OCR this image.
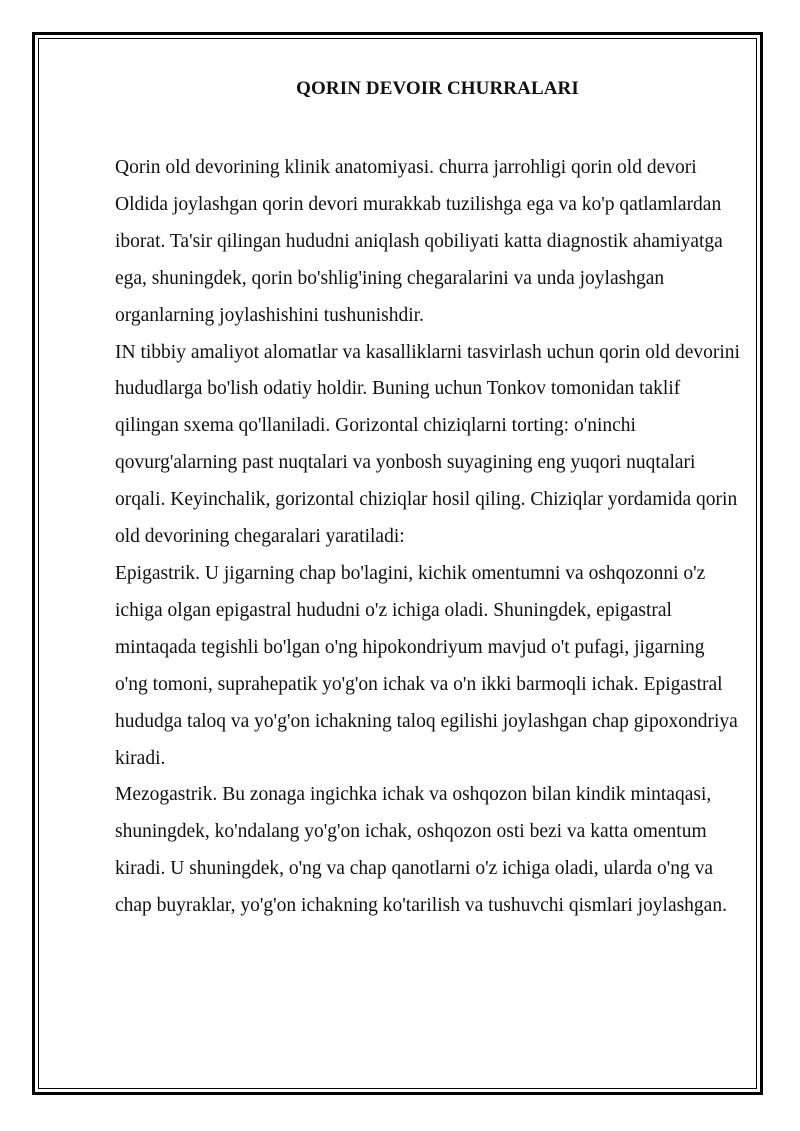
QORIN DEVOIR CHURRALARI

Qorin old devorining klinik anatomiyasi. churra jarrohligi qorin old devori

Oldida joylashgan qorin devori murakkab tuzilishga ega va ko'p qatlamlardan iborat. Ta'sir qilingan hududni aniqlash qobiliyati katta diagnostik ahamiyatga ega, shuningdek, qorin bo'shlig'ining chegaralarini va unda joylashgan organlarning joylashishini tushunishdir.

IN tibbiy amaliyot alomatlar va kasalliklarni tasvirlash uchun qorin old devorini hududlarga bo'lish odatiy holdir. Buning uchun Tonkov tomonidan taklif qilingan sxema qo'llaniladi. Gorizontal chiziqlarni torting: o'ninchi qovurg'alarning past nuqtalari va yonbosh suyagining eng yuqori nuqtalari orqali. Keyinchalik, gorizontal chiziqlar hosil qiling. Chiziqlar yordamida qorin old devorining chegaralari yaratiladi:

Epigastrik. U jigarning chap bo'lagini, kichik omentumni va oshqozonni o'z ichiga olgan epigastral hududni o'z ichiga oladi. Shuningdek, epigastral mintaqada tegishli bo'lgan o'ng hipokondriyum mavjud o't pufagi, jigarning o'ng tomoni, suprahepatik yo'g'on ichak va o'n ikki barmoqli ichak. Epigastral hududga taloq va yo'g'on ichakning taloq egilishi joylashgan chap gipoxondriya kiradi.

Mezogastrik. Bu zonaga ingichka ichak va oshqozon bilan kindik mintaqasi, shuningdek, ko'ndalang yo'g'on ichak, oshqozon osti bezi va katta omentum kiradi. U shuningdek, o'ng va chap qanotlarni o'z ichiga oladi, ularda o'ng va chap buyraklar, yo'g'on ichakning ko'tarilish va tushuvchi qismlari joylashgan.
